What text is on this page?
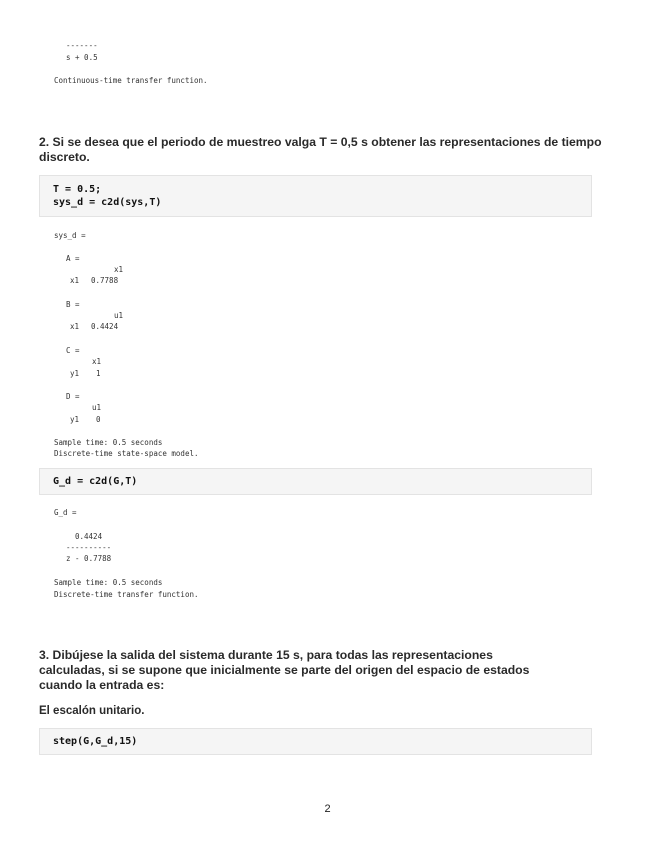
-------
s + 0.5
Continuous-time transfer function.
2. Si se desea que el periodo de muestreo valga T = 0,5 s obtener las representaciones de tiempo discreto.
T = 0.5;
sys_d = c2d(sys,T)
sys_d =
A =
x1
x1 0.7788
B =
u1
x1 0.4424
C =
x1
y1 1
D =
u1
y1 0
Sample time: 0.5 seconds
Discrete-time state-space model.
G_d = c2d(G,T)
G_d =
0.4424
----------
z - 0.7788
Sample time: 0.5 seconds
Discrete-time transfer function.
3. Dibújese la salida del sistema durante 15 s, para todas las representaciones calculadas, si se supone que inicialmente se parte del origen del espacio de estados cuando la entrada es:
El escalón unitario.
step(G,G_d,15)
2
